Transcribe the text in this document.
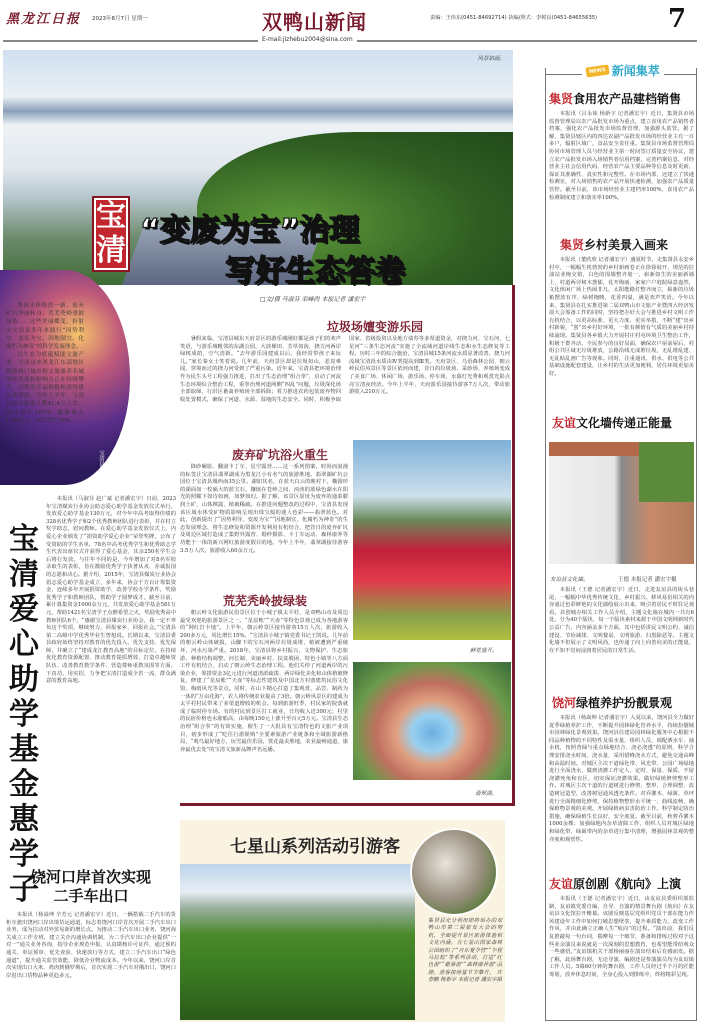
黑龙江日报 2023年8月7日 星期一	双鸭山新闻
E-mail:jizhebu2004@sina.com
责编：王伟东(0451-84692714) 执编/照式：李树良(0451-84655635)	7
风景如画。
宝清县城美丽夜景。
宝清
“变废为宝”治理
写好生态答卷

黑臭水体焕然一新、废弃矿坑华丽转身、荒芜秃岭重披绿装……这些美丽蝶变，折射出宝清县多年来践行“因势利导，变废为宝，因地制宜，化腐朽为神奇”的科学发展理念。

以生态为底蕴赋能文旅产业，宝清这座黑龙江东部地区旅游热门城市和文旅康养名城的知名度和影响力正在持续攀升，百姓的幸福指数和获得感显著增强。今年上半年，宝清县接待旅游人数41.4万人次，同比增长149%；旅游收入1.68亿元，同比增长70%。

□文/摄 马淑芬 栾峰尚 本报记者 潘宏宇
垃圾场嬗变游乐园
暑假来临，宝清县城东天府景区的游乐城刚好都是孩子们的欢声笑语，与游乐城毗邻的东湖公园，大放梯田、芳草如茵，挠力河两岸绿树成荫，空气清新。“去年游乐园建成以后，我经常带孩子来玩儿。”家长秦女士笑着说。几年前，天府景区却是垃圾如山，恶臭难闻，穿境而过的挠力河受到了严重污染。近年来，宝清县把环境治理作为民生头号工程强力推进，打出了生态治理“组合拳”，启动了河流生态环境综合整治工程，重拳治理河道两侧“四乱”问题，垃圾深化场全部取缔，行洪区畜禽养殖场全部拆除；着力推进农药包装废弃物回收处置模式，确保了河道、水源、湿地的生态安全。同时，积极争取国家、省级投资以及地方债券等多渠道资金，对挠力河、宝石河、七星河“三条生态河流”实施了全流域河道岸线生态和水生态修复等工程。历时三年的综合施治，宝清县城15条河流水质显著改善，挠力河流域宝清段水质由Ⅳ类提高到Ⅲ类。天府景区、乌语森林公园、朝云岭民俗风景区等景区依河而建，昔日的垃圾场、采砂场、养殖场变成了美食广场、休闲广场、游乐场、停车场，水幕灯光秀和观赏光影点亮宝清夜经济。今年上半年，天府游乐园接待游客7万人次，带动旅游收入210万元。
鲜花盛开。
废弃矿坑浴火重生
降砂碾影、翻滚卡丁车、星空露营……这一系列图案，时尚而浪漫的标签让宝清县翡翠湖成为黑龙江小有名气的旅游胜地。翡翠湖矿坑公园位于宝清县城西南35公里。湖如其名，在蓝天白云的映衬下，椭圆形的湖面如一枚硕大的蓝宝石，镶嵌在苍岭之间，泱泱的蓝绿色湖水在阳光的照耀下如诗如画，如梦如幻。据了解，该景区原址为废弃的通泰膨润土矿，山体裸露，植被稀疏。在推进问题整改的过程中，宝清县发现该区域水体受矿物质影响呈现出珠宝般的迷人色彩——翡翠蓝色。对此，创新提出了“因势利导，变废为宝”“因地制宜，化腐朽为神奇”的生态发展理念，将生态修复和资源开发利用有机结合，把昔日的废弃矿坑及周边区域打造成了集野外露营、婚纱摄影、卡丁车运动、森林康养等功能于一体的新兴网红旅游度假目的地。今年上半年，翡翠湖接待游客3.5万人次，旅游收入60余万元。
荒芜秃岭披绿装
朝云岭文化旅游民俗景区位于小城子镇太平村，是双鸭山市及周边最受欢迎的旅游景区之一。“星辰帐”“天壶”等特色景观已成为各地游客的“网红打卡地”。上半年，朝云岭景区接待游客15万人次，旅游收入200多万元，同比增长15%。“宝清县小城子镇党委书记王凯说。几年前的朝云岭山体破损，山脚下的宝石河两岸垃圾成堆，植被遭到严重破坏，河水污染严重。2018年，宝清县将乡村振兴、文物保护、生态旅游、种植结构调整、河长制、美丽乡村、扶贫脱困、特色小镇等八方面工作有机结合，启动了朝云岭生态治理工程。他们关停了河道两岸的污染企业，筹措资金3亿元进行河道清淤疏浚、两岸绿化美化和山体植被修复，修建了“星辰帐”“天壶”等标志性建筑及中国北方村落建筑民俗文化馆、梅雨风光等景点。同时，在山下精心打造了集观赏、品尝、制药为一体的“万亩花海”，农人将传统农业提高了3倍。朝云岭风景区的建成为太平村村民带来了多渠道增收的机会。每到旅游旺季，村民家的院落就成了临时停车场。有的村民到景区打工就业，日均收入近300元；村里的民宿价格也水涨船高，由每晚150元上涨升至百元5万元。宝清县生态治理“组合拳”的有效实施，催生了一大批具有宝清特色的文旅产业项目，初步形成了“吃住行游娱购”全要素旅游产业链条和全域旅游新格局，“观鸟最好地方，玩雪最佳乐园，赏花最美胜地，农业最畅通道，康养最优去处”的宝清文旅新品牌声名远播。
翡翠湖。
宝清爱心助学基金惠学子
本报讯（马淑芬 赵广斌 记者潘宏宇）日前，2023年宝清煤炭行业协会助志爱心助学基金发放仪式举行，发放爱心助学基金130万元，对今年中高考取得佳绩的328名优秀学子和2个优秀教师团队进行表彰，并在村立奖学助志，慰问教师。在爱心助学基金发放仪式上，内爱心企业颁发了“捐资助学爱心企业”荣誉奖牌，公布了受资助的学生名单，78名中高考优秀学生和优秀助志学生代表出席仪式并获得了爱心基金，其余250名学生会后将行发放。与往年不同的是，今年增加了对8名军校录取生的表彰，旨在激励优秀学子执著从戎、赤诚报国的志愿和决心。据介绍，2015年，宝清县煤炭行业协会倡志爱心助学基金成立，多年来，协会千方百计筹集资金，连续多年开展捐资助学，改善学校办学条件，奖励优秀学子和教师团队，帮助学子圆梦成才。截至目前，累计募集资金1000余万元，共发放爱心助学基金581万元，帮助1421名宝清学子点燃希望之火，奖励优秀高中教师团队6个。“感谢宝清县煤炭行业协会，我一定不辜负这个奖项，继续努力，回报家乡，回报社会。”宝清县第二高级中学优秀毕业生曾旭说。长期以来，宝清县委县政府始终坚持对教育的优先投入、优先支持、优先保障，并确立了“建成龙江教育高地”的目标定位，在持续优化教育资源配置、推动教育提质增效、打造卓越师资队伍、改善教育教学条件、营造尊师重教氛围等方面，下真功、用实招，力争把宝清打造成全省一流、群众满意的教育高地。
饶河口岸首次实现
二手车出口
本报讯（杨焱坤 辛芳元 记者潘宏宇）近日，一辆搭载二手汽车的货柜车驶出饶河口岸出境货运通道，标志着饶河口岸首次开展二手汽车出口业务，成为拉动对外贸易新的增长点。为推动二手汽车出口业务，饶河海关成立工作专班，建立关企沟通协调机制，为二手汽车出口企业提供“一对一”通关业务咨询，指导企业规范申报，认真勘核许可证件，通过预约通关、单证预审、优先查验、快速放行等方式，建立二手汽车出口“绿色通道”，提升通关监管效能，降低企业物流成本。今年以来，饶河口岸首次实现出口大米、鸡肉到俄罗斯后，首次实现二手汽车对俄出口，饶河口岸进出口货物品种更趋多元。
七星山系列活动引游客
集贤县充分利用即将举办的双鸭山市第二届旅发大会的契机，全面提升景区旅游体验和文化内涵。在七星山国家森林公园组织了“丹东夏令营”“半程马拉松”等系列活动，打造“红色游”“避暑游”“森林康养游”品牌，游客接待量节节攀升。 许春鹏 杨新宇 本报记者 潘宏宇摄
NEWS 新闻集萃
集贤食用农产品建档销售
本报讯（吕永妹 杨新宇 记者潘宏宇）近日，集贤县市场监督管理局以农产品批发市场为重点，建立食用农产品销售者档案，强化农产品批发市场监督管理，加强源头监管。据了解，集贤县辖区内的四达农副产品批发市场的经营业主有一百多户，辐射区域广，食品安全责任重。集贤县市场监督管理局协同市场管理人员与经营业主第一时间签订质量安全协议，建立农产品批发市场入场销售者信用档案，完善档案信息，对经营业主社会信用代码、经营农产品主要品种等信息及时更新，保证其准确性、真实性和完整性。在市场内部，还建立了快速检测室，对入场销售的农产品开展快速检测，加强农产品质量管控。截至目前，该市场经营业主建档率100%，食用农产品检测制度建立和落实率100%。
集贤乡村美景入画来
本报讯（董欣欣 记者潘宏宇）盛夏时节，走集贤县永安乡村中，一幅幅生机勃勃的乡村新画卷正在徐徐展开，规范的拉油站业掩交错，白色的围墙整齐划一，崭新如生的美丽新墙上，村道两旁树木葱郁，花开绚丽，家家户户庭院绿意盎然，文化休闲广场上热闹非凡，太阳能路灯整齐而立，崭新的垃圾箱摆放有序，绿树掩映，花香四溢，满是欢声笑语。今年以来，集贤县在扎实推进第二届双鸭山市文旅产业暨四大经济发展大会筹备工作的同时，坚持把办好大会与推进乡村文明工作有机结合，以更高标准、更大力度、更实举措，不断“建”出乡村新貌，“创”出乡村好环境，一批有颜值有气质的美丽乡村持续涌现。集贤县各乡镇大力开展村庄村屯环境卫生整治工作，积极干群齐动、全民参与的良好局面，确保农户屋前屋后、村组公共区域无垃圾堆放，公路沿线无成堆垃圾，无乱堆乱建、无乱贴乱画广告等现象。同时，注重通讯、供水、供电等公共基础设施配套建设，让乡村的生活更加便利，居住环境更加美好。
友谊文化墙传递正能量
友谊县文化墙。	王德 本报记者 潘宏宇摄
本报讯（王德 记者潘宏宇）近日，走进友谊县的街头巷尾，一幅幅中华优秀传统文化、乡村振兴、移风易俗相关的内容通过色彩鲜艳的文化墙绘展示出来，吸引着居民不时驻足观看。县创城办相关工作人员介绍，主题文化墙在城内一共有6处，分为40个版块，每一个版块素材来源于中国文明网新时代公益广告，内容涵盖多个方面，其中包括讲民文明公约、诚信建设、节俭减排、文明餐桌、文明旅游、扫黑除恶等。主题文化墙不但展示了文明风尚，也传递了向上向善向美的正能量，在不知不觉间浸润着居民的日常生活。
饶河绿植养护扮靓景观
本报讯（杨焱坤 记者潘宏宇）入夏以来，饶河县全力做好夏季绿植养护工作，不断提升园林绿化管养水平，持续扮靓城市园林绿化景观效果。饶河县住建局园林绿化服务中心根据不同品种植物的不同特性及需水量，组织人员，调配洒水车、抽水机，按照普绿与重点绿地结合、浇必浇透”的原则，科学合理安排浇水时间、浇水量，采用错峰浇水方式，避免交通高峰和高温时间。对城区主次干道绿化带、风光带、公园广场绿地进行全面浇水，做到浇灌工作定人、定时、保量、保质，不留浇灌死角和盲区，切实保证浇灌效果。做好绿植修剪整形工作。对城区主次干道的行道树进行修剪、整形，合理调整、改造树冠造型，改善树冠通风透光条件。对乔灌木、绿篱、草坪进行全面精细化修剪，保持植物整形水平统一、曲线流畅，确保植物景观的美观。开展绿植病虫害防治工作。科学制定防治措施，确保绿植生长良好，安全度夏。截至目前，秋剪乔灌木1000余棵；加强绿地内杂草清除工作，组织人员对城区绿地和绿化带、绿篱带内的杂草进行集中清理，增强园林景观的整齐度和观赏性。
友谊原创剧《航向》上演
本报讯（王德 记者潘宏宇）近日，由友谊县委组织部监制，友谊镇党委自编、自导、自演的情景舞台剧《航向》在友谊县文化馆拉开帷幕。该剧反映基层党组织党员干部在能力作风建设年工作中如何打破思想壁垒，提升素质能力，改变工作作风，并由此确立正确人生“航向”的过程。“演出前，我们反复推敲每一句台词，揣摩每一个细节，准备和排练过程对于这些业余演员来说就是一次深刻的思想教育，也希望能带给观众一些感悟。”友谊镇机关干部杨丽丽在演出结束后有感而发。据了解，此场舞台剧，无论导演、编剧还是参演演员均为友谊镇工作人员。5幕60分钟的舞台剧，工作人员经过半个月的匠能筹划，放弃休息时间，全身心投入到排练中，终将精彩呈现。
